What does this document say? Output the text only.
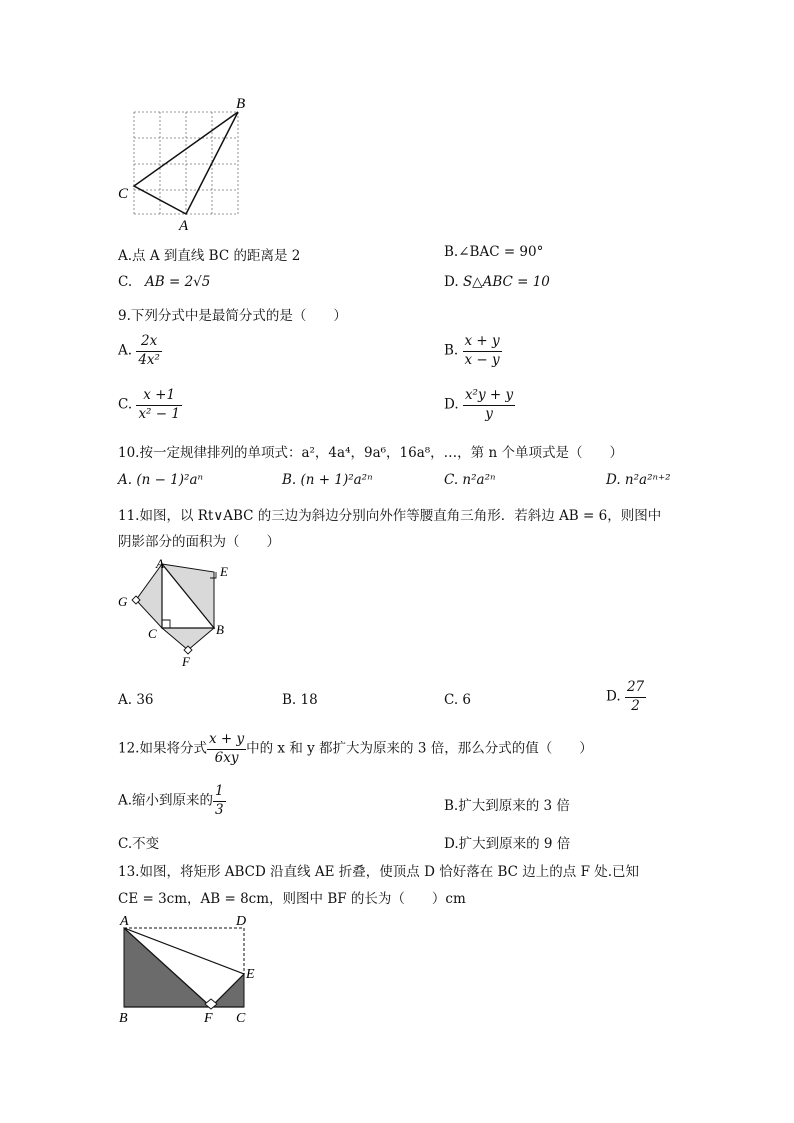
B
C
A
A.点 A 到直线 BC 的距离是 2	B.∠BAC = 90°
C. AB = 2√5	D. S△ABC = 10
9.下列分式中是最简分式的是（　　）
A. $\frac{2x}{\text{4x²}}$	B. $\frac{x + y}{x - y}$
C. $\frac{x +1}{\text{x² − 1}}$	D. $\frac{\text{x²y + y}}{y}$
10.按一定规律排列的单项式：a²，4a⁴，9a⁶，16a⁸，…，第 n 个单项式是（　　）
A. (n − 1)²aⁿ	B. (n + 1)²a²ⁿ	C. n²a²ⁿ	D. n²a²ⁿ⁺²
11.如图，以 Rt∨ABC 的三边为斜边分别向外作等腰直角三角形．若斜边 AB = 6，则图中
阴影部分的面积为（　　）
A
E
G
C	B
F
A. 36	B. 18	C. 6	D. $\frac{27}{2}$
12.如果将分式 $\frac{x + y}{6xy}$ 中的 x 和 y 都扩大为原来的 3 倍，那么分式的值（　　）
A.缩小到原来的 $\frac{1}{3}$	B.扩大到原来的 3 倍
C.不变	D.扩大到原来的 9 倍
13.如图，将矩形 ABCD 沿直线 AE 折叠，使顶点 D 恰好落在 BC 边上的点 F 处.已知
CE = 3cm，AB = 8cm，则图中 BF 的长为（　　）cm
A	D
E
B	F C
